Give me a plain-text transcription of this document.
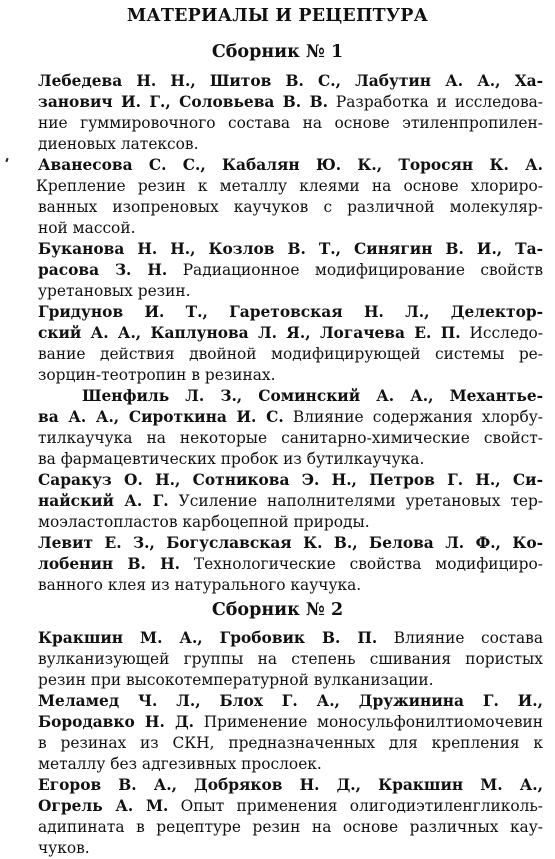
МАТЕРИАЛЫ И РЕЦЕПТУРА
Сборник № 1
Лебедева Н. Н., Шитов В. С., Лабутин А. А., Ха-
занович И. Г., Соловьева В. В. Разработка и исследова-
ние гуммировочного состава на основе этиленпропилен-
диеновых латексов.
Аванесова С. С., Кабалян Ю. К., Торосян К. А.
Крепление резин к металлу клеями на основе хлориро-
ванных изопреновых каучуков с различной молекуляр-
ной массой.
Буканова Н. Н., Козлов В. Т., Синягин В. И., Та-
расова З. Н. Радиационное модифицирование свойств
уретановых резин.
Гридунов И. Т., Гаретовская Н. Л., Делектор-
ский А. А., Каплунова Л. Я., Логачева Е. П. Исследо-
вание действия двойной модифицирующей системы ре-
зорцин-теотропин в резинах.
Шенфиль Л. З., Соминский А. А., Механтье-
ва А. А., Сироткина И. С. Влияние содержания хлорбу-
тилкаучука на некоторые санитарно-химические свойст-
ва фармацевтических пробок из бутилкаучука.
Саракуз О. Н., Сотникова Э. Н., Петров Г. Н., Си-
найский А. Г. Усиление наполнителями уретановых тер-
моэластопластов карбоцепной природы.
Левит Е. З., Богуславская К. В., Белова Л. Ф., Ко-
лобенин В. Н. Технологические свойства модифициро-
ванного клея из натурального каучука.
Сборник № 2
Кракшин М. А., Гробовик В. П. Влияние состава
вулканизующей группы на степень сшивания пористых
резин при высокотемпературной вулканизации.
Меламед Ч. Л., Блох Г. А., Дружинина Г. И.,
Бородавко Н. Д. Применение моносульфонилтиомочевин
в резинах из СКН, предназначенных для крепления к
металлу без адгезивных прослоек.
Егоров В. А., Добряков Н. Д., Кракшин М. А.,
Огрель А. М. Опыт применения олигодиэтиленгликоль-
адипината в рецептуре резин на основе различных кау-
чуков.
